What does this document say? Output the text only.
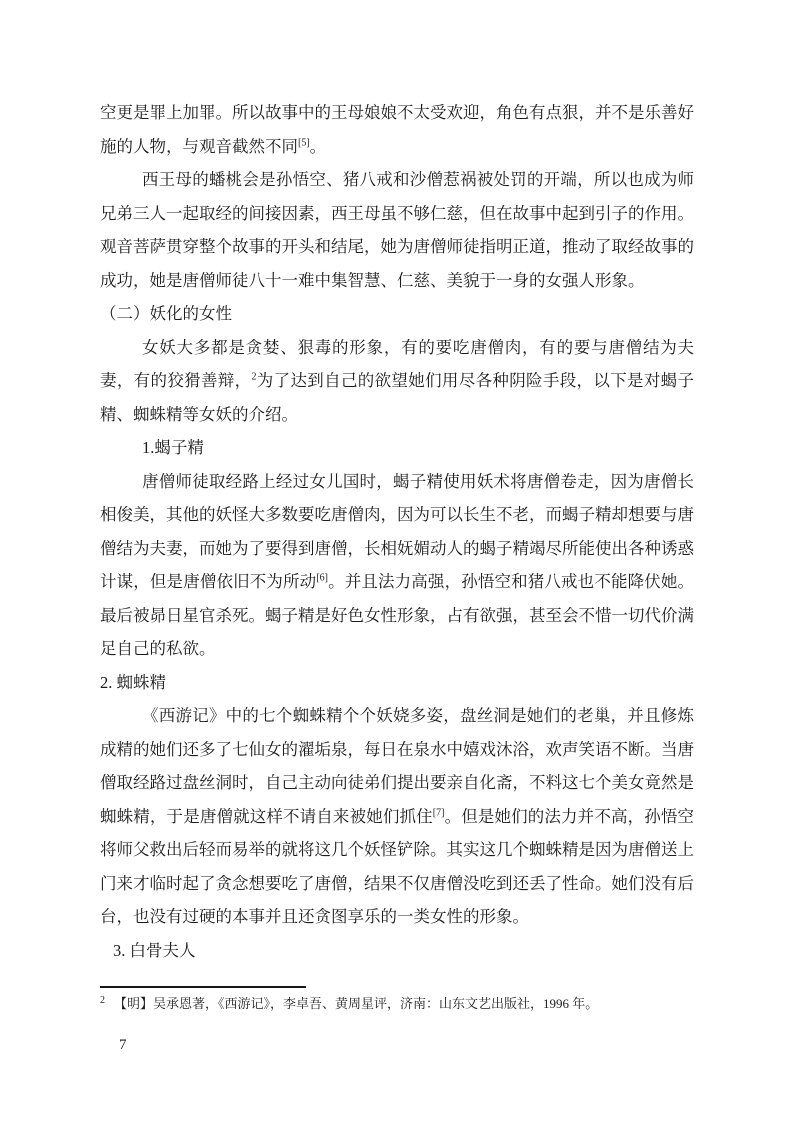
空更是罪上加罪。所以故事中的王母娘娘不太受欢迎，角色有点狠，并不是乐善好施的人物，与观音截然不同[5]。

西王母的蟠桃会是孙悟空、猪八戒和沙僧惹祸被处罚的开端，所以也成为师兄弟三人一起取经的间接因素，西王母虽不够仁慈，但在故事中起到引子的作用。观音菩萨贯穿整个故事的开头和结尾，她为唐僧师徒指明正道，推动了取经故事的成功，她是唐僧师徒八十一难中集智慧、仁慈、美貌于一身的女强人形象。

（二）妖化的女性

女妖大多都是贪婪、狠毒的形象，有的要吃唐僧肉，有的要与唐僧结为夫妻，有的狡猾善辩，$^2$为了达到自己的欲望她们用尽各种阴险手段，以下是对蝎子精、蜘蛛精等女妖的介绍。

1.蝎子精

唐僧师徒取经路上经过女儿国时，蝎子精使用妖术将唐僧卷走，因为唐僧长相俊美，其他的妖怪大多数要吃唐僧肉，因为可以长生不老，而蝎子精却想要与唐僧结为夫妻，而她为了要得到唐僧，长相妩媚动人的蝎子精竭尽所能使出各种诱惑计谋，但是唐僧依旧不为所动[6]。并且法力高强，孙悟空和猪八戒也不能降伏她。最后被昴日星官杀死。蝎子精是好色女性形象，占有欲强，甚至会不惜一切代价满足自己的私欲。

2. 蜘蛛精

《西游记》中的七个蜘蛛精个个妖娆多姿，盘丝洞是她们的老巢，并且修炼成精的她们还多了七仙女的濯垢泉，每日在泉水中嬉戏沐浴，欢声笑语不断。当唐僧取经路过盘丝洞时，自己主动向徒弟们提出要亲自化斋，不料这七个美女竟然是蜘蛛精，于是唐僧就这样不请自来被她们抓住[7]。但是她们的法力并不高，孙悟空将师父救出后轻而易举的就将这几个妖怪铲除。其实这几个蜘蛛精是因为唐僧送上门来才临时起了贪念想要吃了唐僧，结果不仅唐僧没吃到还丢了性命。她们没有后台，也没有过硬的本事并且还贪图享乐的一类女性的形象。

3. 白骨夫人

$^2$ 【明】吴承恩著，《西游记》，李卓吾、黄周星评，济南：山东文艺出版社，1996 年。
7
